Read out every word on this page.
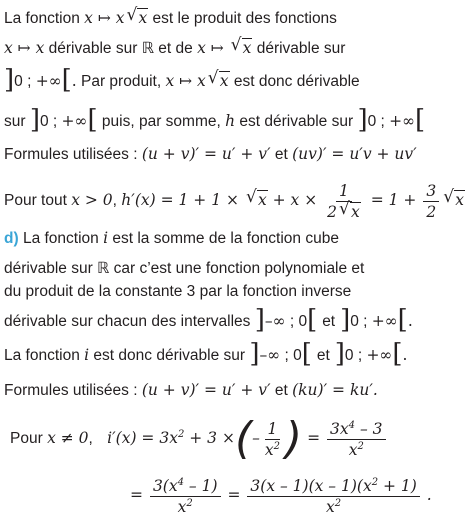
La fonction x ↦ x √ x est le produit des fonctions
x ↦ x dérivable sur ℝ et de x ↦ √ x dérivable sur
]0 ; +∞[. Par produit, x ↦ x √ x est donc dérivable
sur ]0 ; +∞[ puis, par somme, h est dérivable sur ]0 ; +∞[
Formules utilisées : (u + v)′ = u′ + v′ et (uv)′ = u′v + uv′
Pour tout x > 0, h′(x) = 1 + 1 × √ $x + x \times \frac{1}{2 √ x} = 1 + \frac{3}{2}$ √ x
d) La fonction i est la somme de la fonction cube
dérivable sur ℝ car c’est une fonction polynomiale et
du produit de la constante 3 par la fonction inverse
dérivable sur chacun des intervalles ]–∞ ; 0[ et ]0 ; +∞[.
La fonction i est donc dérivable sur ]–∞ ; 0[ et ]0 ; +∞[.
Formules utilisées : (u + v)′ = u′ + v′ et (ku)′ = ku′.
Pour x ≠ 0, $i'(x) = 3x^2 + 3$ ×(– $\frac{1}{x^2}$ ) = $\frac{3x^4 - 3}{x^2}$
= $\frac{3(x^4 - 1)}{x^2} = \frac{3(x - 1)(x - 1)(x^2 + 1)}{x^2}$ .
